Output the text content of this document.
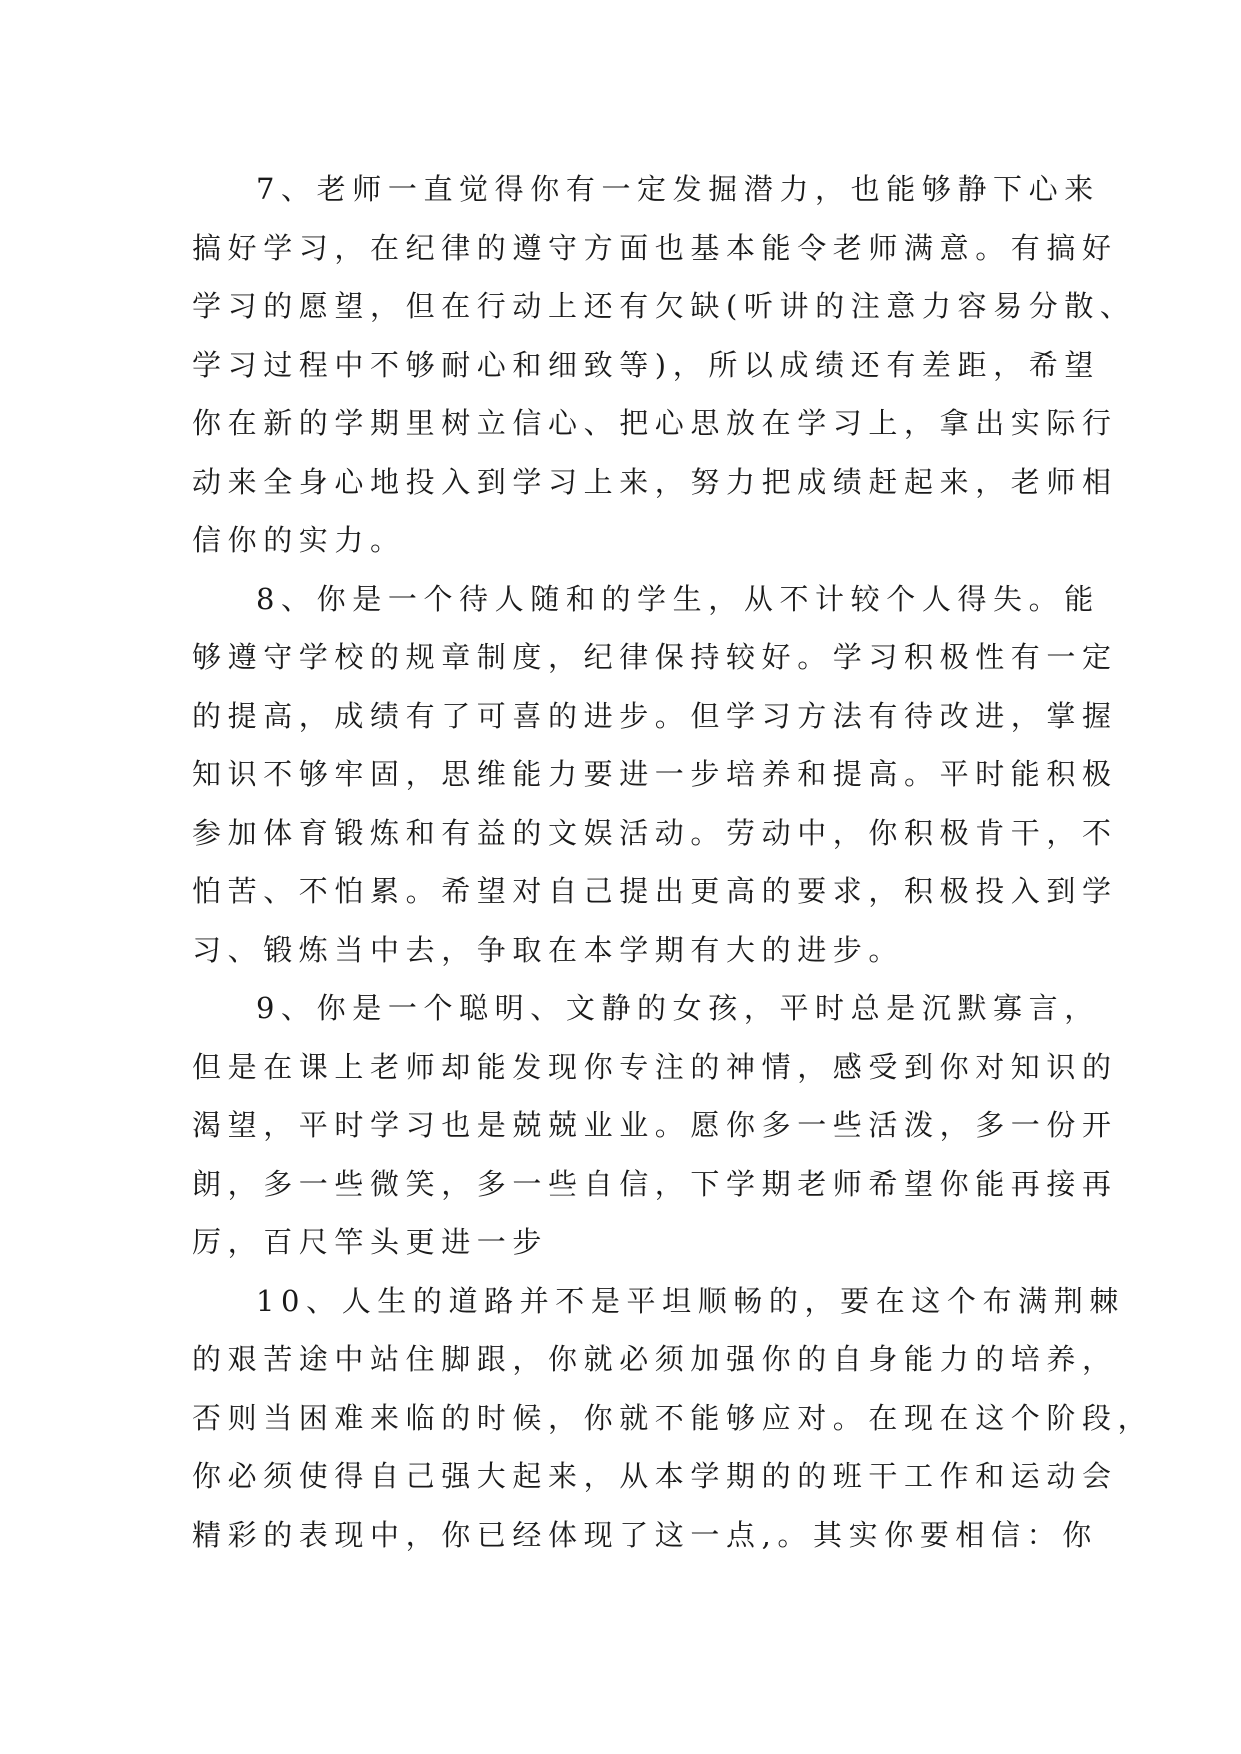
7、老师一直觉得你有一定发掘潜力，也能够静下心来
搞好学习，在纪律的遵守方面也基本能令老师满意。有搞好
学习的愿望，但在行动上还有欠缺(听讲的注意力容易分散、
学习过程中不够耐心和细致等)，所以成绩还有差距，希望
你在新的学期里树立信心、把心思放在学习上，拿出实际行
动来全身心地投入到学习上来，努力把成绩赶起来，老师相
信你的实力。

8、你是一个待人随和的学生，从不计较个人得失。能
够遵守学校的规章制度，纪律保持较好。学习积极性有一定
的提高，成绩有了可喜的进步。但学习方法有待改进，掌握
知识不够牢固，思维能力要进一步培养和提高。平时能积极
参加体育锻炼和有益的文娱活动。劳动中，你积极肯干，不
怕苦、不怕累。希望对自己提出更高的要求，积极投入到学
习、锻炼当中去，争取在本学期有大的进步。

9、你是一个聪明、文静的女孩，平时总是沉默寡言，
但是在课上老师却能发现你专注的神情，感受到你对知识的
渴望，平时学习也是兢兢业业。愿你多一些活泼，多一份开
朗，多一些微笑，多一些自信，下学期老师希望你能再接再
厉，百尺竿头更进一步

10、人生的道路并不是平坦顺畅的，要在这个布满荆棘
的艰苦途中站住脚跟，你就必须加强你的自身能力的培养，
否则当困难来临的时候，你就不能够应对。在现在这个阶段，
你必须使得自己强大起来，从本学期的的班干工作和运动会
精彩的表现中，你已经体现了这一点,。其实你要相信：你
